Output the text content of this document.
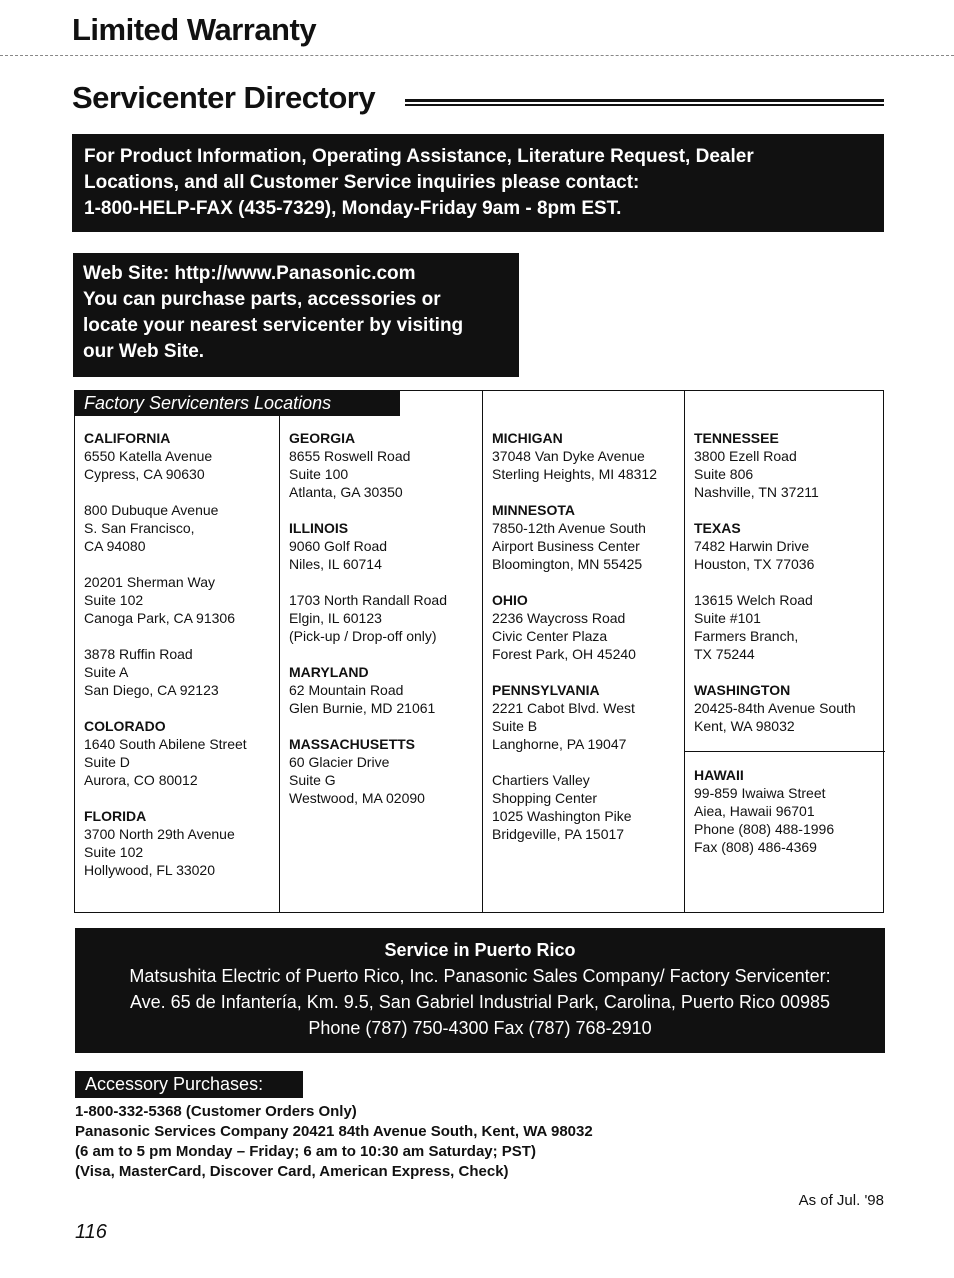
Limited Warranty
Servicenter Directory
For Product Information, Operating Assistance, Literature Request, Dealer
Locations, and all Customer Service inquiries please contact:
1-800-HELP-FAX (435-7329), Monday-Friday 9am - 8pm EST.
Web Site: http://www.Panasonic.com
You can purchase parts, accessories or
locate your nearest servicenter by visiting
our Web Site.
CALIFORNIA
6550 Katella Avenue
Cypress, CA 90630
800 Dubuque Avenue
S. San Francisco,
CA 94080
20201 Sherman Way
Suite 102
Canoga Park, CA 91306
3878 Ruffin Road
Suite A
San Diego, CA 92123
COLORADO
1640 South Abilene Street
Suite D
Aurora, CO 80012
FLORIDA
3700 North 29th Avenue
Suite 102
Hollywood, FL 33020
GEORGIA
8655 Roswell Road
Suite 100
Atlanta, GA 30350
ILLINOIS
9060 Golf Road
Niles, IL 60714
1703 North Randall Road
Elgin, IL 60123
(Pick-up / Drop-off only)
MARYLAND
62 Mountain Road
Glen Burnie, MD 21061
MASSACHUSETTS
60 Glacier Drive
Suite G
Westwood, MA 02090
MICHIGAN
37048 Van Dyke Avenue
Sterling Heights, MI 48312
MINNESOTA
7850-12th Avenue South
Airport Business Center
Bloomington, MN 55425
OHIO
2236 Waycross Road
Civic Center Plaza
Forest Park, OH 45240
PENNSYLVANIA
2221 Cabot Blvd. West
Suite B
Langhorne, PA 19047
Chartiers Valley
Shopping Center
1025 Washington Pike
Bridgeville, PA 15017
TENNESSEE
3800 Ezell Road
Suite 806
Nashville, TN 37211
TEXAS
7482 Harwin Drive
Houston, TX 77036
13615 Welch Road
Suite #101
Farmers Branch,
TX 75244
WASHINGTON
20425-84th Avenue South
Kent, WA 98032
HAWAII
99-859 Iwaiwa Street
Aiea, Hawaii 96701
Phone (808) 488-1996
Fax (808) 486-4369
Factory Servicenters Locations
Service in Puerto Rico
Matsushita Electric of Puerto Rico, Inc. Panasonic Sales Company/ Factory Servicenter:
Ave. 65 de Infantería, Km. 9.5, San Gabriel Industrial Park, Carolina, Puerto Rico 00985
Phone (787) 750-4300 Fax (787) 768-2910
Accessory Purchases:
1-800-332-5368 (Customer Orders Only)
Panasonic Services Company 20421 84th Avenue South, Kent, WA 98032
(6 am to 5 pm Monday – Friday; 6 am to 10:30 am Saturday; PST)
(Visa, MasterCard, Discover Card, American Express, Check)
As of Jul. '98
116
